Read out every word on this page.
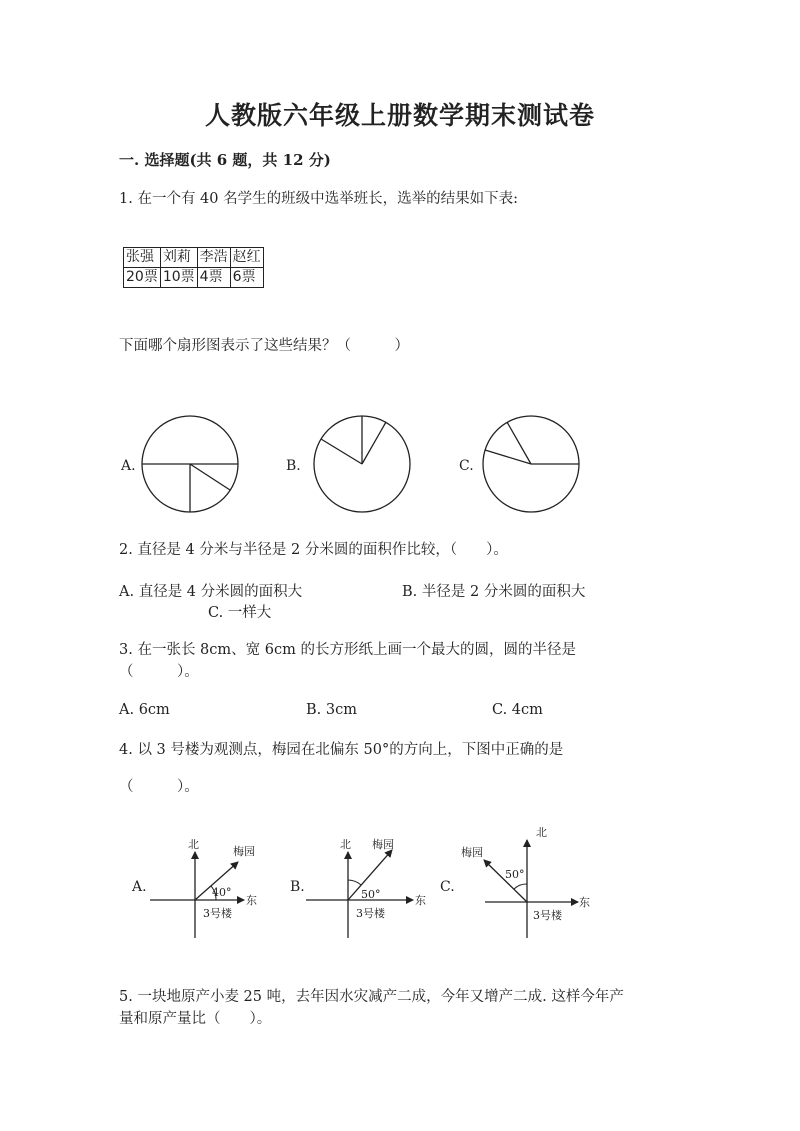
人教版六年级上册数学期末测试卷
一. 选择题(共 6 题，共 12 分)
1. 在一个有 40 名学生的班级中选举班长，选举的结果如下表:
张强	刘莉	李浩	赵红
20票	10票	4票	6票
下面哪个扇形图表示了这些结果？（　　　）
A.	B.	C.
2. 直径是 4 分米与半径是 2 分米圆的面积作比较，（　　）。
A. 直径是 4 分米圆的面积大	B. 半径是 2 分米圆的面积大
C. 一样大
3. 在一张长 8cm、宽 6cm 的长方形纸上画一个最大的圆，圆的半径是
（　　　）。
A. 6cm	B. 3cm	C. 4cm
4. 以 3 号楼为观测点，梅园在北偏东 50°的方向上，下图中正确的是
（　　　）。
A.
北
东
梅园
40°
3号楼
B.
北
东
梅园
50°
3号楼
C.
北
东
梅园
50°
3号楼
5. 一块地原产小麦 25 吨，去年因水灾减产二成，今年又增产二成. 这样今年产
量和原产量比（　　）。
